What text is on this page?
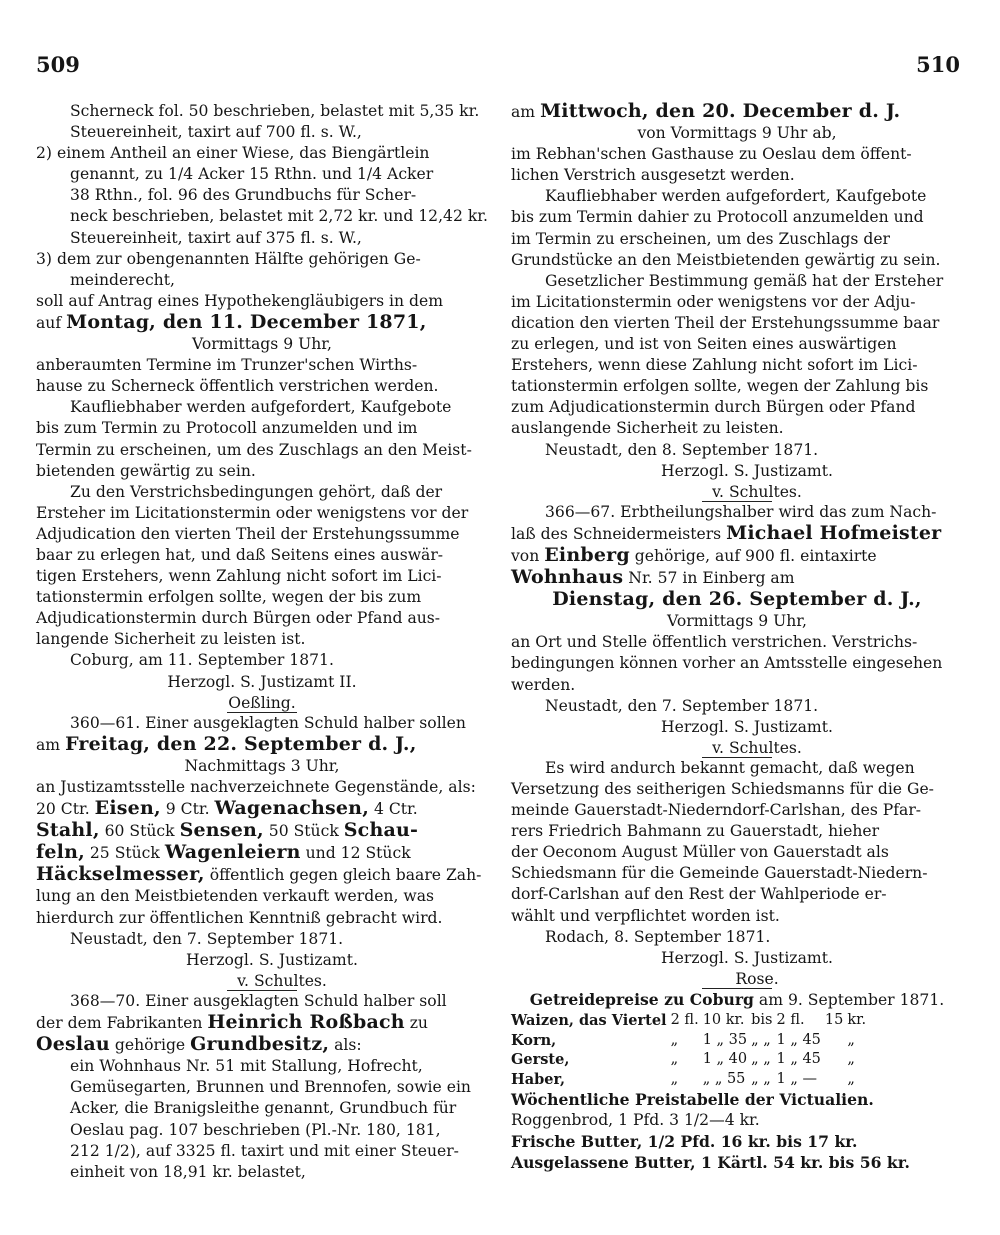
509	510

Scherneck fol. 50 beschrieben, belastet mit 5,35 kr.

Steuereinheit, taxirt auf 700 fl. s. W.,

2) einem Antheil an einer Wiese, das Biengärtlein

genannt, zu 1/4 Acker 15 Rthn. und 1/4 Acker

38 Rthn., fol. 96 des Grundbuchs für Scher-

neck beschrieben, belastet mit 2,72 kr. und 12,42 kr.

Steuereinheit, taxirt auf 375 fl. s. W.,

3) dem zur obengenannten Hälfte gehörigen Ge-

meinderecht,

soll auf Antrag eines Hypothekengläubigers in dem

auf Montag, den 11. December 1871,

Vormittags 9 Uhr,

anberaumten Termine im Trunzer'schen Wirths-

hause zu Scherneck öffentlich verstrichen werden.

Kaufliebhaber werden aufgefordert, Kaufgebote

bis zum Termin zu Protocoll anzumelden und im

Termin zu erscheinen, um des Zuschlags an den Meist-

bietenden gewärtig zu sein.

Zu den Verstrichsbedingungen gehört, daß der

Ersteher im Licitationstermin oder wenigstens vor der

Adjudication den vierten Theil der Erstehungssumme

baar zu erlegen hat, und daß Seitens eines auswär-

tigen Erstehers, wenn Zahlung nicht sofort im Lici-

tationstermin erfolgen sollte, wegen der bis zum

Adjudicationstermin durch Bürgen oder Pfand aus-

langende Sicherheit zu leisten ist.

Coburg, am 11. September 1871.

Herzogl. S. Justizamt II.

Oeßling.

360—61. Einer ausgeklagten Schuld halber sollen

am Freitag, den 22. September d. J.,

Nachmittags 3 Uhr,

an Justizamtsstelle nachverzeichnete Gegenstände, als:

20 Ctr. Eisen, 9 Ctr. Wagenachsen, 4 Ctr.

Stahl, 60 Stück Sensen, 50 Stück Schau-

feln, 25 Stück Wagenleiern und 12 Stück

Häckselmesser, öffentlich gegen gleich baare Zah-

lung an den Meistbietenden verkauft werden, was

hierdurch zur öffentlichen Kenntniß gebracht wird.

Neustadt, den 7. September 1871.

Herzogl. S. Justizamt.

v. Schultes.

368—70. Einer ausgeklagten Schuld halber soll

der dem Fabrikanten Heinrich Roßbach zu

Oeslau gehörige Grundbesitz, als:

ein Wohnhaus Nr. 51 mit Stallung, Hofrecht,

Gemüsegarten, Brunnen und Brennofen, sowie ein

Acker, die Branigsleithe genannt, Grundbuch für

Oeslau pag. 107 beschrieben (Pl.-Nr. 180, 181,

212 1/2), auf 3325 fl. taxirt und mit einer Steuer-

einheit von 18,91 kr. belastet,

am Mittwoch, den 20. December d. J.

von Vormittags 9 Uhr ab,

im Rebhan'schen Gasthause zu Oeslau dem öffent-

lichen Verstrich ausgesetzt werden.

Kaufliebhaber werden aufgefordert, Kaufgebote

bis zum Termin dahier zu Protocoll anzumelden und

im Termin zu erscheinen, um des Zuschlags der

Grundstücke an den Meistbietenden gewärtig zu sein.

Gesetzlicher Bestimmung gemäß hat der Ersteher

im Licitationstermin oder wenigstens vor der Adju-

dication den vierten Theil der Erstehungssumme baar

zu erlegen, und ist von Seiten eines auswärtigen

Erstehers, wenn diese Zahlung nicht sofort im Lici-

tationstermin erfolgen sollte, wegen der Zahlung bis

zum Adjudicationstermin durch Bürgen oder Pfand

auslangende Sicherheit zu leisten.

Neustadt, den 8. September 1871.

Herzogl. S. Justizamt.

v. Schultes.

366—67. Erbtheilungshalber wird das zum Nach-

laß des Schneidermeisters Michael Hofmeister

von Einberg gehörige, auf 900 fl. eintaxirte

Wohnhaus Nr. 57 in Einberg am

Dienstag, den 26. September d. J.,

Vormittags 9 Uhr,

an Ort und Stelle öffentlich verstrichen. Verstrichs-

bedingungen können vorher an Amtsstelle eingesehen

werden.

Neustadt, den 7. September 1871.

Herzogl. S. Justizamt.

v. Schultes.

Es wird andurch bekannt gemacht, daß wegen

Versetzung des seitherigen Schiedsmanns für die Ge-

meinde Gauerstadt-Niederndorf-Carlshan, des Pfar-

rers Friedrich Bahmann zu Gauerstadt, hieher

der Oeconom August Müller von Gauerstadt als

Schiedsmann für die Gemeinde Gauerstadt-Niedern-

dorf-Carlshan auf den Rest der Wahlperiode er-

wählt und verpflichtet worden ist.

Rodach, 8. September 1871.

Herzogl. S. Justizamt.

Rose.

Getreidepreise zu Coburg am 9. September 1871.

Waizen, das Viertel	2 fl.	10 kr.	bis	2 fl.	15	kr.
Korn,	„	1 „ 35	„ „	1 „ 45		„
Gerste,	„	1 „ 40	„ „	1 „ 45		„
Haber,	„	„ „ 55	„ „	1 „ —		„

Wöchentliche Preistabelle der Victualien.

Roggenbrod, 1 Pfd. 3 1/2—4 kr.

Frische Butter, 1/2 Pfd. 16 kr. bis 17 kr.

Ausgelassene Butter, 1 Kärtl. 54 kr. bis 56 kr.
